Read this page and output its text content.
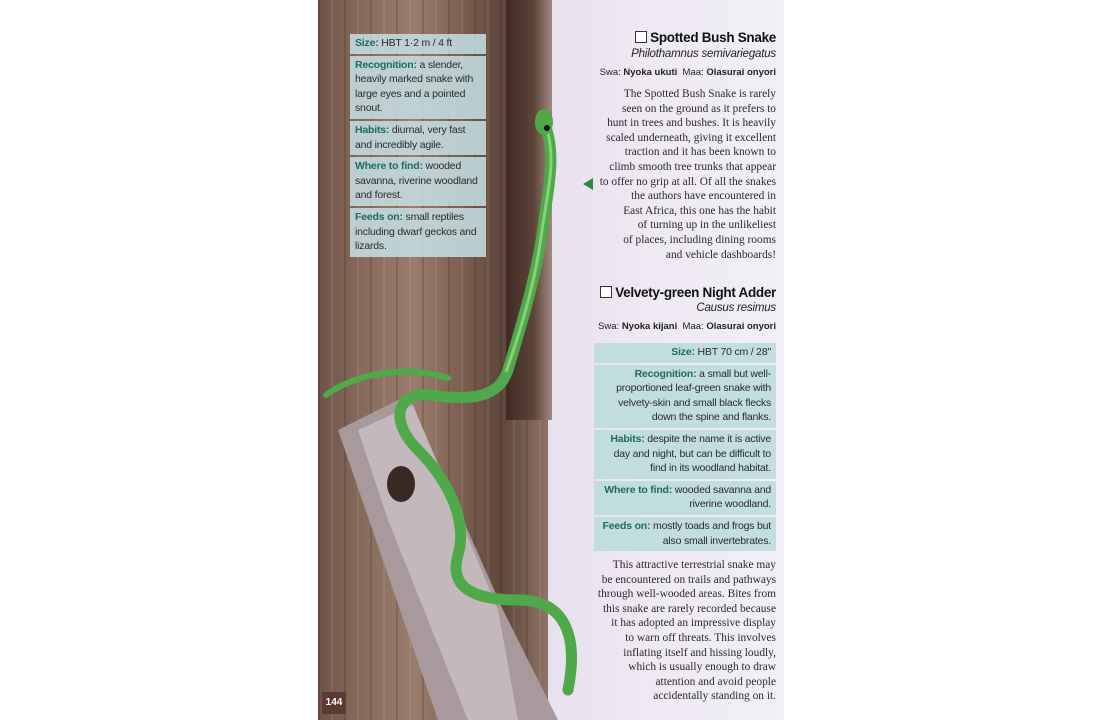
Size: HBT 1·2 m / 4 ft
Recognition: a slender, heavily marked snake with large eyes and a pointed snout.
Habits: diurnal, very fast and incredibly agile.
Where to find: wooded savanna, riverine woodland and forest.
Feeds on: small reptiles including dwarf geckos and lizards.
Spotted Bush Snake
Philothamnus semivariegatus
Swa: Nyoka ukuti Maa: Olasurai onyori
The Spotted Bush Snake is rarely
seen on the ground as it prefers to
hunt in trees and bushes. It is heavily
scaled underneath, giving it excellent
traction and it has been known to
climb smooth tree trunks that appear
to offer no grip at all. Of all the snakes
the authors have encountered in
East Africa, this one has the habit
of turning up in the unlikeliest
of places, including dining rooms
and vehicle dashboards!
Velvety-green Night Adder
Causus resimus
Swa: Nyoka kijani Maa: Olasurai onyori
Size: HBT 70 cm / 28"
Recognition: a small but well-proportioned leaf-green snake with velvety-skin and small black flecks down the spine and flanks.
Habits: despite the name it is active day and night, but can be difficult to find in its woodland habitat.
Where to find: wooded savanna and riverine woodland.
Feeds on: mostly toads and frogs but also small invertebrates.
This attractive terrestrial snake may
be encountered on trails and pathways
through well-wooded areas. Bites from
this snake are rarely recorded because
it has adopted an impressive display
to warn off threats. This involves
inflating itself and hissing loudly,
which is usually enough to draw
attention and avoid people
accidentally standing on it.
144
